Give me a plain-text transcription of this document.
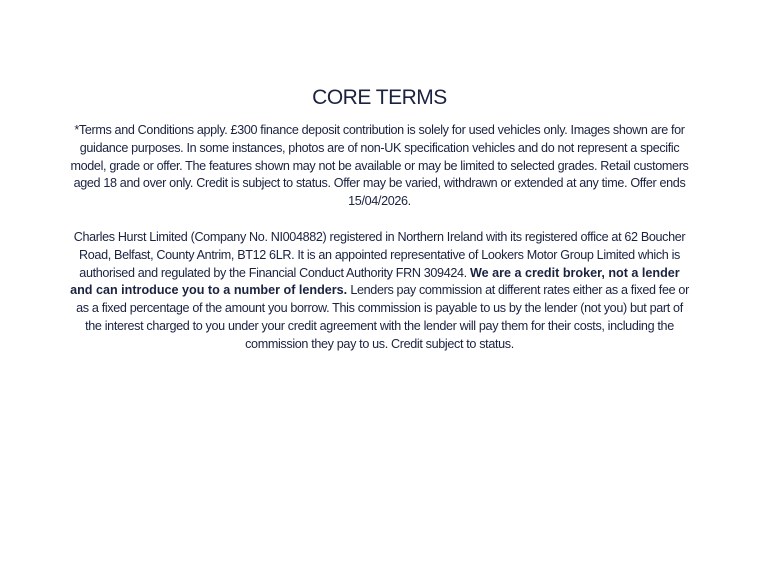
CORE TERMS

*Terms and Conditions apply. £300 finance deposit contribution is solely for used vehicles only. Images shown are for guidance purposes. In some instances, photos are of non-UK specification vehicles and do not represent a specific model, grade or offer. The features shown may not be available or may be limited to selected grades. Retail customers aged 18 and over only. Credit is subject to status. Offer may be varied, withdrawn or extended at any time. Offer ends 15/04/2026.

Charles Hurst Limited (Company No. NI004882) registered in Northern Ireland with its registered office at 62 Boucher Road, Belfast, County Antrim, BT12 6LR. It is an appointed representative of Lookers Motor Group Limited which is authorised and regulated by the Financial Conduct Authority FRN 309424. We are a credit broker, not a lender and can introduce you to a number of lenders. Lenders pay commission at different rates either as a fixed fee or as a fixed percentage of the amount you borrow. This commission is payable to us by the lender (not you) but part of the interest charged to you under your credit agreement with the lender will pay them for their costs, including the commission they pay to us. Credit subject to status.
